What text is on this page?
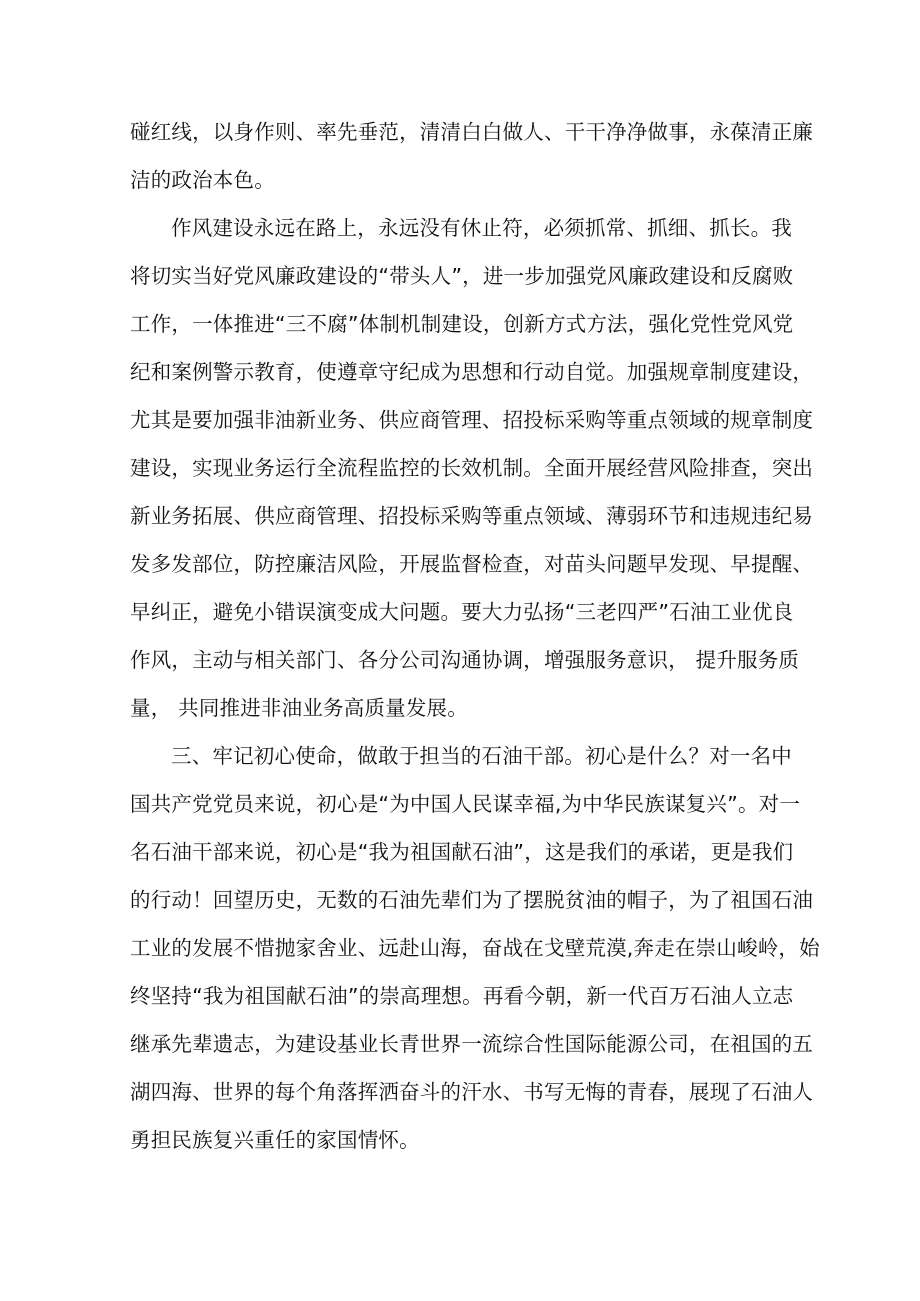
碰红线，以身作则、率先垂范，清清白白做人、干干净净做事，永葆清正廉
洁的政治本色。

作风建设永远在路上，永远没有休止符，必须抓常、抓细、抓长。我
将切实当好党风廉政建设的“带头人”，进一步加强党风廉政建设和反腐败
工作，一体推进“三不腐”体制机制建设，创新方式方法，强化党性党风党
纪和案例警示教育，使遵章守纪成为思想和行动自觉。加强规章制度建设，
尤其是要加强非油新业务、供应商管理、招投标采购等重点领域的规章制度
建设，实现业务运行全流程监控的长效机制。全面开展经营风险排查，突出
新业务拓展、供应商管理、招投标采购等重点领域、薄弱环节和违规违纪易
发多发部位，防控廉洁风险，开展监督检查，对苗头问题早发现、早提醒、
早纠正，避免小错误演变成大问题。要大力弘扬“三老四严”石油工业优良
作风，主动与相关部门、各分公司沟通协调，增强服务意识， 提升服务质
量， 共同推进非油业务高质量发展。

三、牢记初心使命，做敢于担当的石油干部。初心是什么？对一名中
国共产党党员来说，初心是“为中国人民谋幸福,为中华民族谋复兴”。对一
名石油干部来说，初心是“我为祖国献石油”，这是我们的承诺，更是我们
的行动！回望历史，无数的石油先辈们为了摆脱贫油的帽子，为了祖国石油
工业的发展不惜抛家舍业、远赴山海，奋战在戈壁荒漠,奔走在崇山峻岭，始
终坚持“我为祖国献石油”的崇高理想。再看今朝，新一代百万石油人立志
继承先辈遗志，为建设基业长青世界一流综合性国际能源公司，在祖国的五
湖四海、世界的每个角落挥洒奋斗的汗水、书写无悔的青春，展现了石油人
勇担民族复兴重任的家国情怀。
